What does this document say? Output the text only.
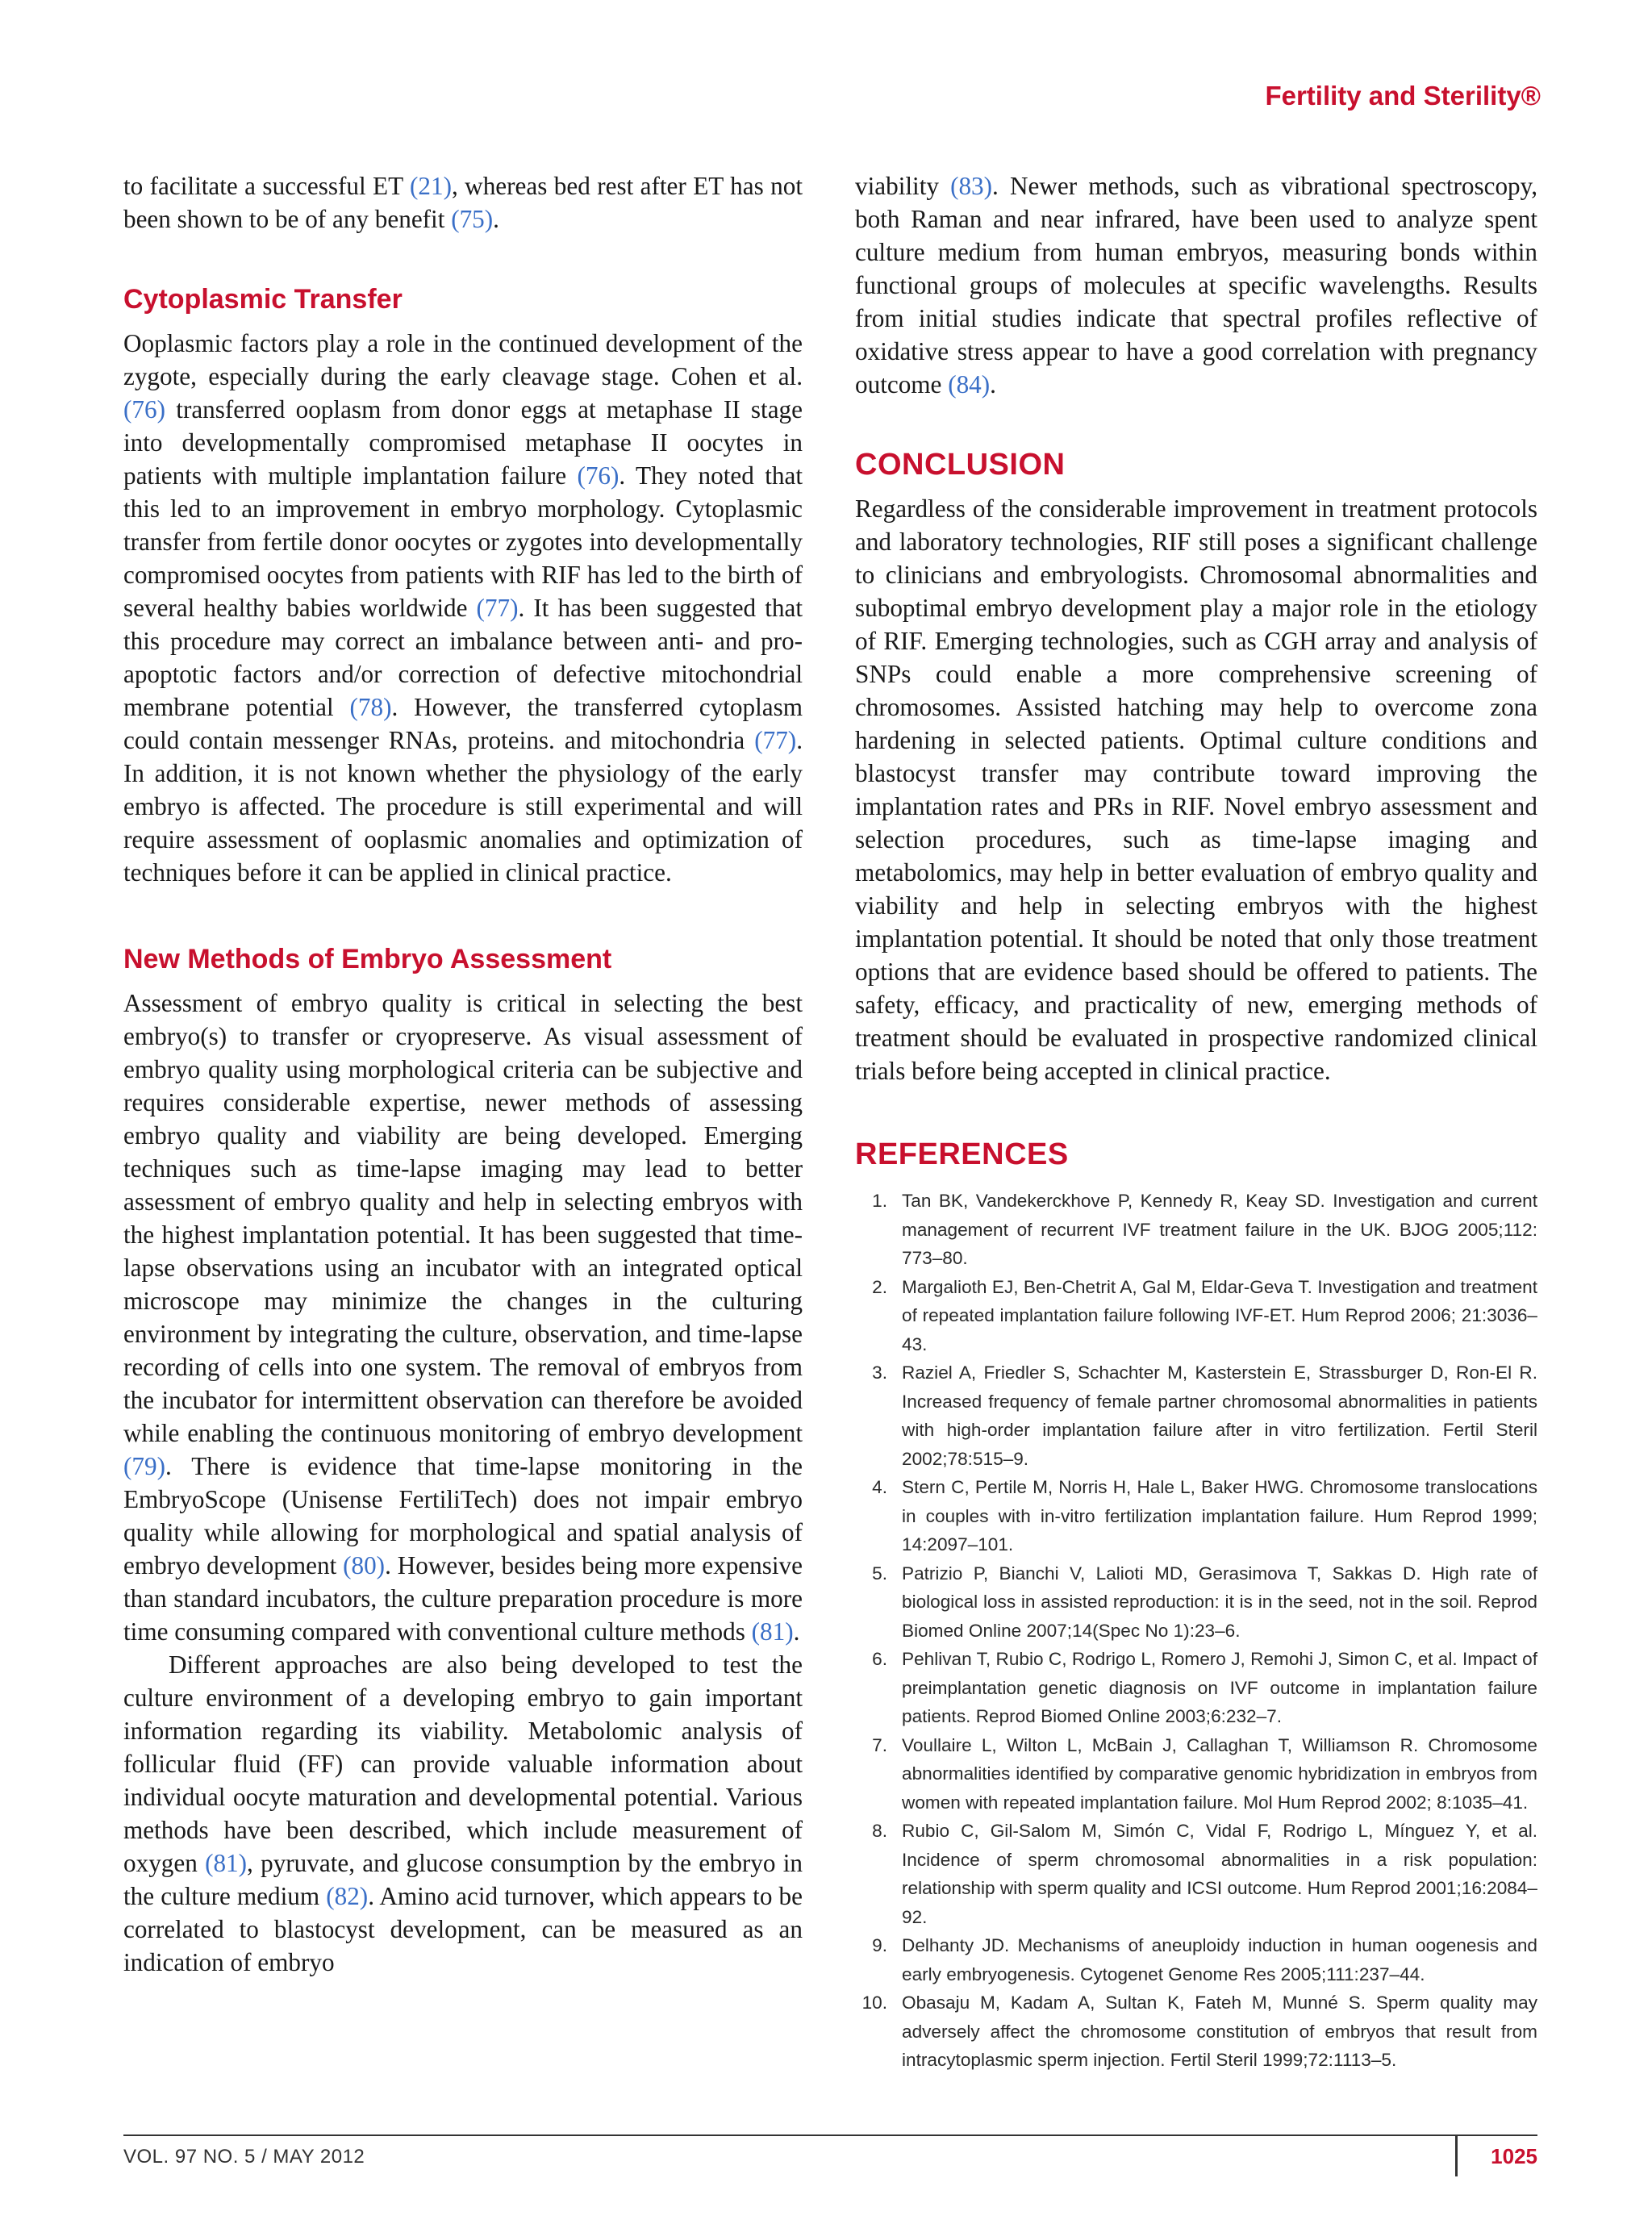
Fertility and Sterility®

to facilitate a successful ET (21), whereas bed rest after ET has not been shown to be of any benefit (75).

Cytoplasmic Transfer

Ooplasmic factors play a role in the continued development of the zygote, especially during the early cleavage stage. Cohen et al. (76) transferred ooplasm from donor eggs at metaphase II stage into developmentally compromised metaphase II oocytes in patients with multiple implantation failure (76). They noted that this led to an improvement in embryo morphology. Cytoplasmic transfer from fertile donor oocytes or zygotes into developmentally compromised oocytes from patients with RIF has led to the birth of several healthy babies worldwide (77). It has been suggested that this procedure may correct an imbalance between anti- and pro-apoptotic factors and/or correction of defective mitochondrial membrane potential (78). However, the transferred cytoplasm could contain messenger RNAs, proteins. and mitochondria (77). In addition, it is not known whether the physiology of the early embryo is affected. The procedure is still experimental and will require assessment of ooplasmic anomalies and optimization of techniques before it can be applied in clinical practice.

New Methods of Embryo Assessment

Assessment of embryo quality is critical in selecting the best embryo(s) to transfer or cryopreserve. As visual assessment of embryo quality using morphological criteria can be subjective and requires considerable expertise, newer methods of assessing embryo quality and viability are being developed. Emerging techniques such as time-lapse imaging may lead to better assessment of embryo quality and help in selecting embryos with the highest implantation potential. It has been suggested that time-lapse observations using an incubator with an integrated optical microscope may minimize the changes in the culturing environment by integrating the culture, observation, and time-lapse recording of cells into one system. The removal of embryos from the incubator for intermittent observation can therefore be avoided while enabling the continuous monitoring of embryo development (79). There is evidence that time-lapse monitoring in the EmbryoScope (Unisense FertiliTech) does not impair embryo quality while allowing for morphological and spatial analysis of embryo development (80). However, besides being more expensive than standard incubators, the culture preparation procedure is more time consuming compared with conventional culture methods (81).

Different approaches are also being developed to test the culture environment of a developing embryo to gain important information regarding its viability. Metabolomic analysis of follicular fluid (FF) can provide valuable information about individual oocyte maturation and developmental potential. Various methods have been described, which include measurement of oxygen (81), pyruvate, and glucose consumption by the embryo in the culture medium (82). Amino acid turnover, which appears to be correlated to blastocyst development, can be measured as an indication of embryo

viability (83). Newer methods, such as vibrational spectroscopy, both Raman and near infrared, have been used to analyze spent culture medium from human embryos, measuring bonds within functional groups of molecules at specific wavelengths. Results from initial studies indicate that spectral profiles reflective of oxidative stress appear to have a good correlation with pregnancy outcome (84).

CONCLUSION

Regardless of the considerable improvement in treatment protocols and laboratory technologies, RIF still poses a significant challenge to clinicians and embryologists. Chromosomal abnormalities and suboptimal embryo development play a major role in the etiology of RIF. Emerging technologies, such as CGH array and analysis of SNPs could enable a more comprehensive screening of chromosomes. Assisted hatching may help to overcome zona hardening in selected patients. Optimal culture conditions and blastocyst transfer may contribute toward improving the implantation rates and PRs in RIF. Novel embryo assessment and selection procedures, such as time-lapse imaging and metabolomics, may help in better evaluation of embryo quality and viability and help in selecting embryos with the highest implantation potential. It should be noted that only those treatment options that are evidence based should be offered to patients. The safety, efficacy, and practicality of new, emerging methods of treatment should be evaluated in prospective randomized clinical trials before being accepted in clinical practice.

REFERENCES
1. Tan BK, Vandekerckhove P, Kennedy R, Keay SD. Investigation and current management of recurrent IVF treatment failure in the UK. BJOG 2005;112: 773–80.
2. Margalioth EJ, Ben-Chetrit A, Gal M, Eldar-Geva T. Investigation and treatment of repeated implantation failure following IVF-ET. Hum Reprod 2006; 21:3036–43.
3. Raziel A, Friedler S, Schachter M, Kasterstein E, Strassburger D, Ron-El R. Increased frequency of female partner chromosomal abnormalities in patients with high-order implantation failure after in vitro fertilization. Fertil Steril 2002;78:515–9.
4. Stern C, Pertile M, Norris H, Hale L, Baker HWG. Chromosome translocations in couples with in-vitro fertilization implantation failure. Hum Reprod 1999; 14:2097–101.
5. Patrizio P, Bianchi V, Lalioti MD, Gerasimova T, Sakkas D. High rate of biological loss in assisted reproduction: it is in the seed, not in the soil. Reprod Biomed Online 2007;14(Spec No 1):23–6.
6. Pehlivan T, Rubio C, Rodrigo L, Romero J, Remohi J, Simon C, et al. Impact of preimplantation genetic diagnosis on IVF outcome in implantation failure patients. Reprod Biomed Online 2003;6:232–7.
7. Voullaire L, Wilton L, McBain J, Callaghan T, Williamson R. Chromosome abnormalities identified by comparative genomic hybridization in embryos from women with repeated implantation failure. Mol Hum Reprod 2002; 8:1035–41.
8. Rubio C, Gil-Salom M, Simón C, Vidal F, Rodrigo L, Mínguez Y, et al. Incidence of sperm chromosomal abnormalities in a risk population: relationship with sperm quality and ICSI outcome. Hum Reprod 2001;16:2084–92.
9. Delhanty JD. Mechanisms of aneuploidy induction in human oogenesis and early embryogenesis. Cytogenet Genome Res 2005;111:237–44.
10. Obasaju M, Kadam A, Sultan K, Fateh M, Munné S. Sperm quality may adversely affect the chromosome constitution of embryos that result from intracytoplasmic sperm injection. Fertil Steril 1999;72:1113–5.
VOL. 97 NO. 5 / MAY 2012	1025
